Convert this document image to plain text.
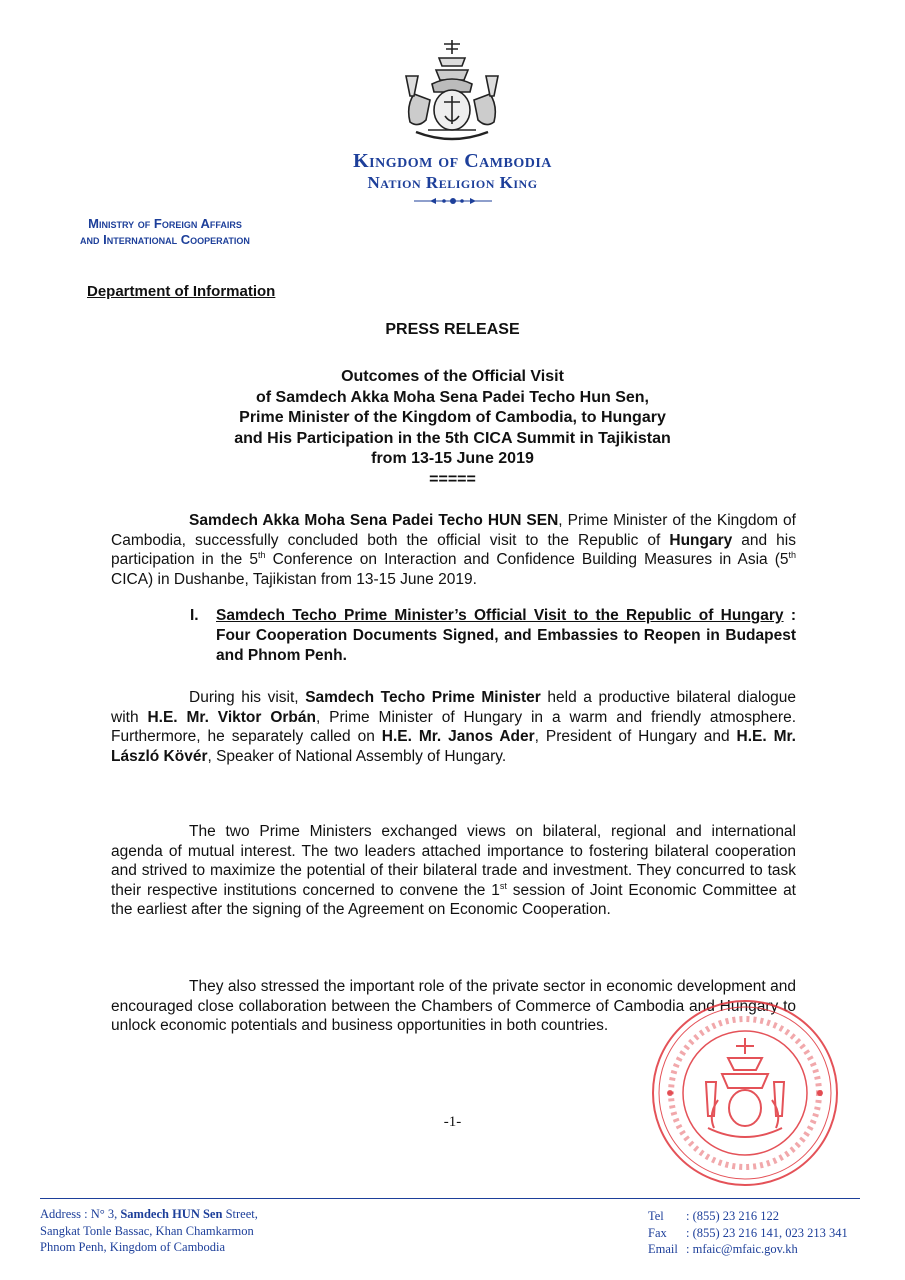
Kingdom of Cambodia
Nation Religion King
Ministry of Foreign Affairs
and International Cooperation
Department of Information
PRESS RELEASE
Outcomes of the Official Visit
of Samdech Akka Moha Sena Padei Techo Hun Sen,
Prime Minister of the Kingdom of Cambodia, to Hungary
and His Participation in the 5th CICA Summit in Tajikistan
from 13-15 June 2019
=====
Samdech Akka Moha Sena Padei Techo HUN SEN, Prime Minister of the Kingdom of Cambodia, successfully concluded both the official visit to the Republic of Hungary and his participation in the 5th Conference on Interaction and Confidence Building Measures in Asia (5th CICA) in Dushanbe, Tajikistan from 13-15 June 2019.
I. Samdech Techo Prime Minister’s Official Visit to the Republic of Hungary : Four Cooperation Documents Signed, and Embassies to Reopen in Budapest and Phnom Penh.
During his visit, Samdech Techo Prime Minister held a productive bilateral dialogue with H.E. Mr. Viktor Orbán, Prime Minister of Hungary in a warm and friendly atmosphere. Furthermore, he separately called on H.E. Mr. Janos Ader, President of Hungary and H.E. Mr. László Kövér, Speaker of National Assembly of Hungary.
The two Prime Ministers exchanged views on bilateral, regional and international agenda of mutual interest. The two leaders attached importance to fostering bilateral cooperation and strived to maximize the potential of their bilateral trade and investment. They concurred to task their respective institutions concerned to convene the 1st session of Joint Economic Committee at the earliest after the signing of the Agreement on Economic Cooperation.
They also stressed the important role of the private sector in economic development and encouraged close collaboration between the Chambers of Commerce of Cambodia and Hungary to unlock economic potentials and business opportunities in both countries.
-1-
Address : N° 3, Samdech HUN Sen Street,
Sangkat Tonle Bassac, Khan Chamkarmon
Phnom Penh, Kingdom of Cambodia
Tel	: (855) 23 216 122
Fax	: (855) 23 216 141, 023 213 341
Email : mfaic@mfaic.gov.kh
